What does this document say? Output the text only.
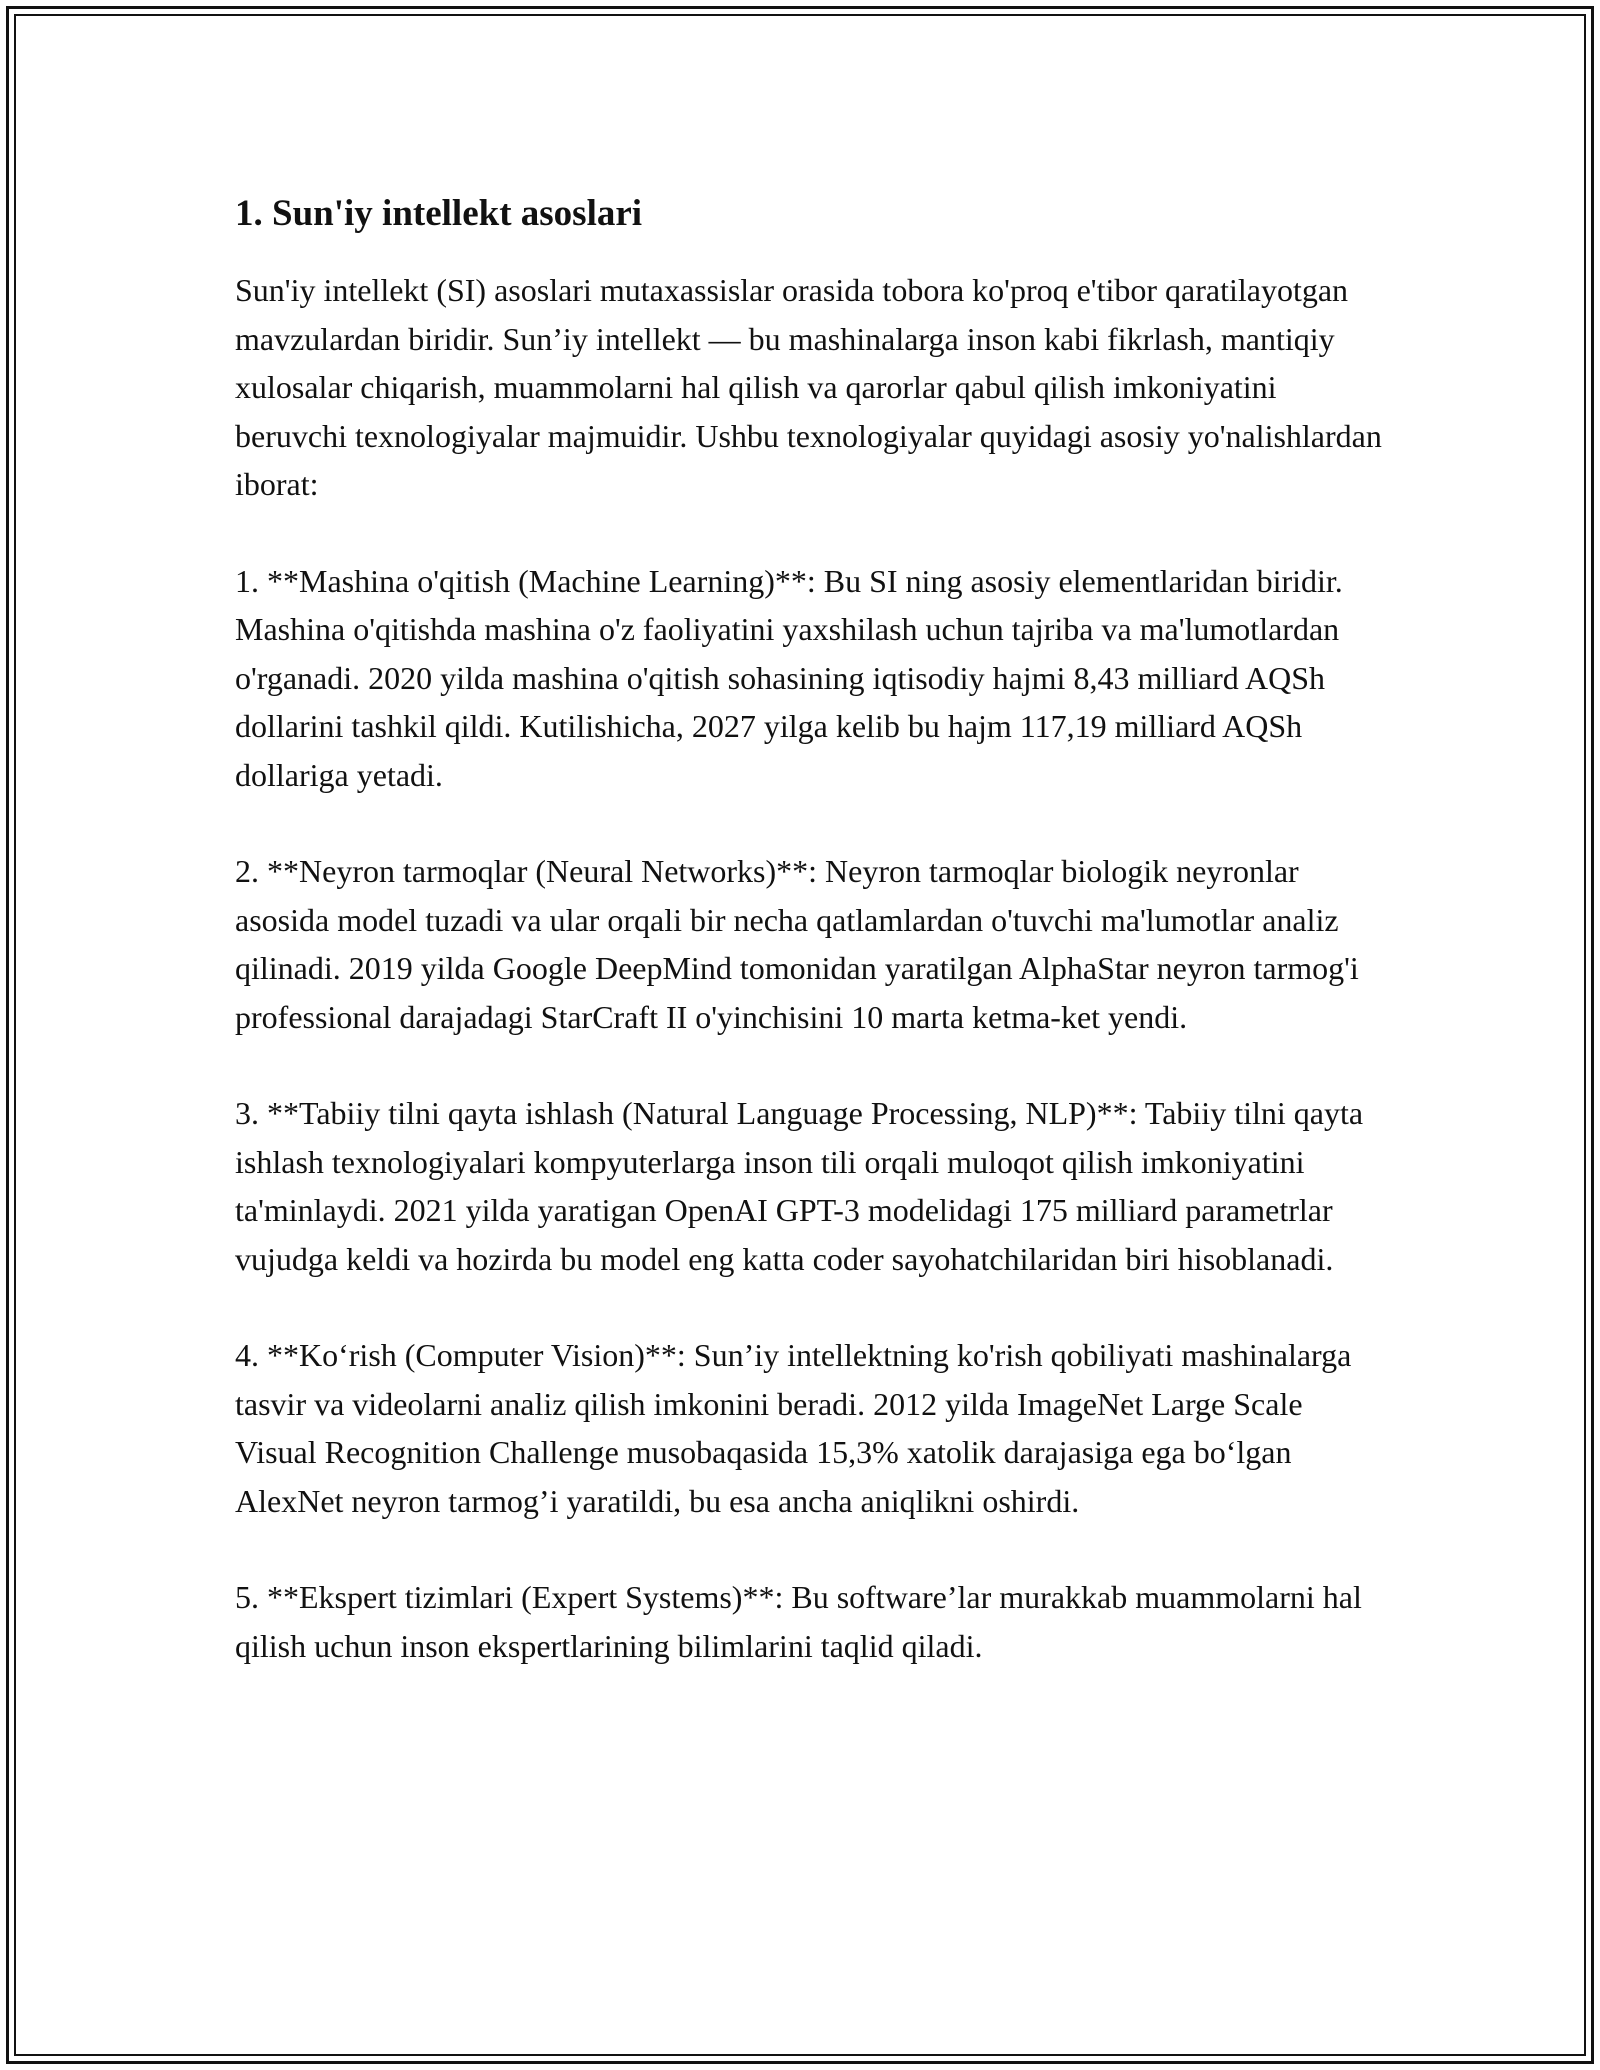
1. Sun'iy intellekt asoslari

Sun'iy intellekt (SI) asoslari mutaxassislar orasida tobora ko'proq e'tibor qaratilayotgan mavzulardan biridir. Sun’iy intellekt — bu mashinalarga inson kabi fikrlash, mantiqiy xulosalar chiqarish, muammolarni hal qilish va qarorlar qabul qilish imkoniyatini beruvchi texnologiyalar majmuidir. Ushbu texnologiyalar quyidagi asosiy yo'nalishlardan iborat:

1. **Mashina o'qitish (Machine Learning)**: Bu SI ning asosiy elementlaridan biridir. Mashina o'qitishda mashina o'z faoliyatini yaxshilash uchun tajriba va ma'lumotlardan o'rganadi. 2020 yilda mashina o'qitish sohasining iqtisodiy hajmi 8,43 milliard AQSh dollarini tashkil qildi. Kutilishicha, 2027 yilga kelib bu hajm 117,19 milliard AQSh dollariga yetadi.

2. **Neyron tarmoqlar (Neural Networks)**: Neyron tarmoqlar biologik neyronlar asosida model tuzadi va ular orqali bir necha qatlamlardan o'tuvchi ma'lumotlar analiz qilinadi. 2019 yilda Google DeepMind tomonidan yaratilgan AlphaStar neyron tarmog'i professional darajadagi StarCraft II o'yinchisini 10 marta ketma-ket yendi.

3. **Tabiiy tilni qayta ishlash (Natural Language Processing, NLP)**: Tabiiy tilni qayta ishlash texnologiyalari kompyuterlarga inson tili orqali muloqot qilish imkoniyatini ta'minlaydi. 2021 yilda yaratigan OpenAI GPT-3 modelidagi 175 milliard parametrlar vujudga keldi va hozirda bu model eng katta coder sayohatchilaridan biri hisoblanadi.

4. **Ko‘rish (Computer Vision)**: Sun’iy intellektning ko'rish qobiliyati mashinalarga tasvir va videolarni analiz qilish imkonini beradi. 2012 yilda ImageNet Large Scale Visual Recognition Challenge musobaqasida 15,3% xatolik darajasiga ega bo‘lgan AlexNet neyron tarmog’i yaratildi, bu esa ancha aniqlikni oshirdi.

5. **Ekspert tizimlari (Expert Systems)**: Bu software’lar murakkab muammolarni hal qilish uchun inson ekspertlarining bilimlarini taqlid qiladi.
